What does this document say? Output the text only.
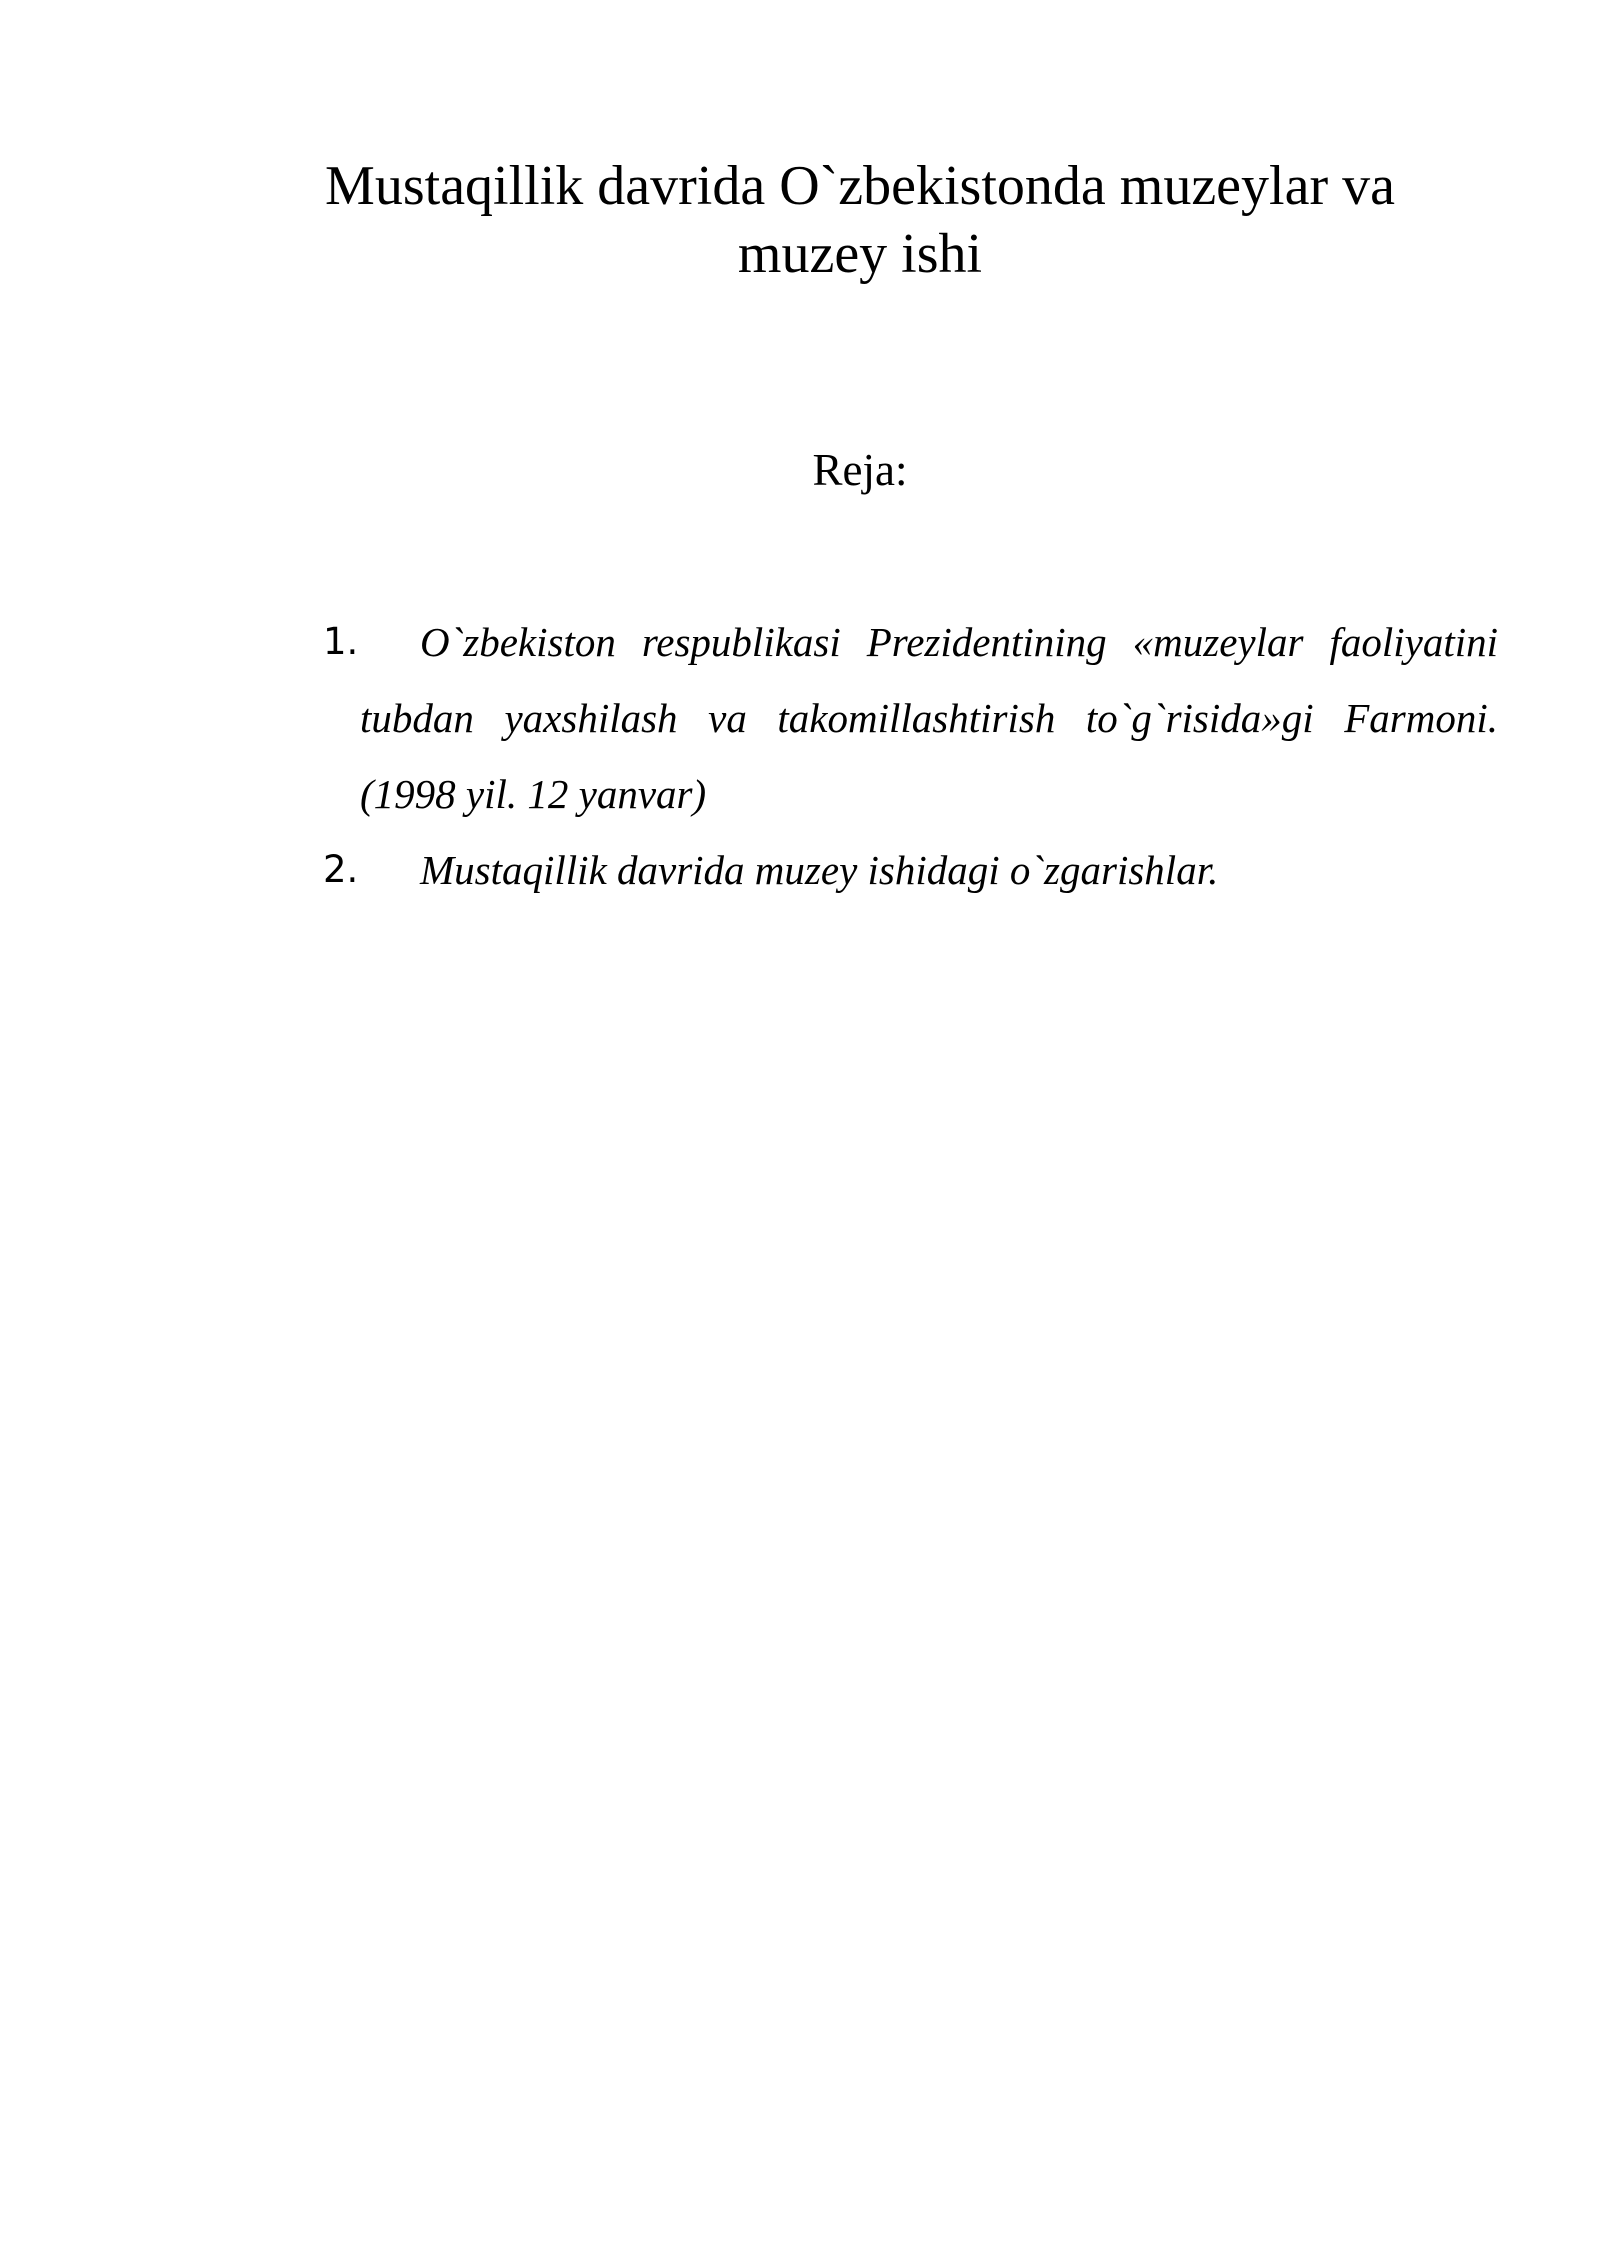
Mustaqillik davrida O`zbekistonda muzeylar va muzey ishi
Reja:
1.	O`zbekiston respublikasi Prezidentining «muzeylar faoliyatini tubdan yaxshilash va takomillashtirish to`g`risida»gi Farmoni. (1998 yil. 12 yanvar)
2. Mustaqillik davrida muzey ishidagi o`zgarishlar.
